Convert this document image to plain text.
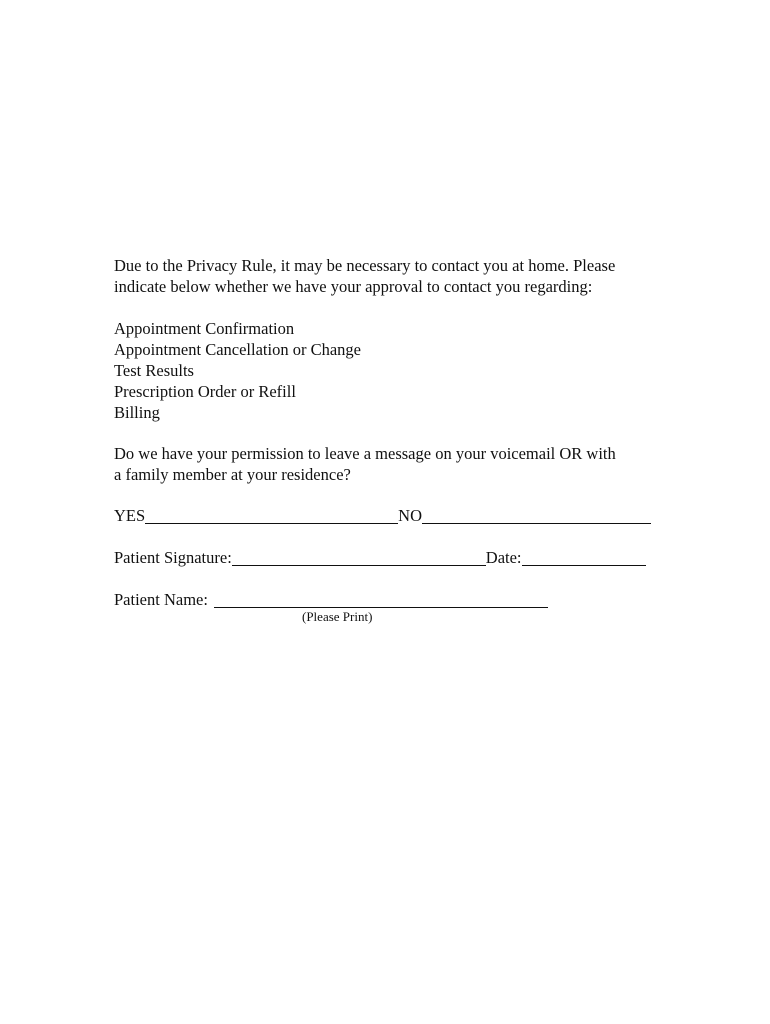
Due to the Privacy Rule, it may be necessary to contact you at home. Please
indicate below whether we have your approval to contact you regarding:
Appointment Confirmation
Appointment Cancellation or Change
Test Results
Prescription Order or Refill
Billing
Do we have your permission to leave a message on your voicemail OR with
a family member at your residence?
YES	NO
Patient Signature:	Date:
Patient Name:
(Please Print)
